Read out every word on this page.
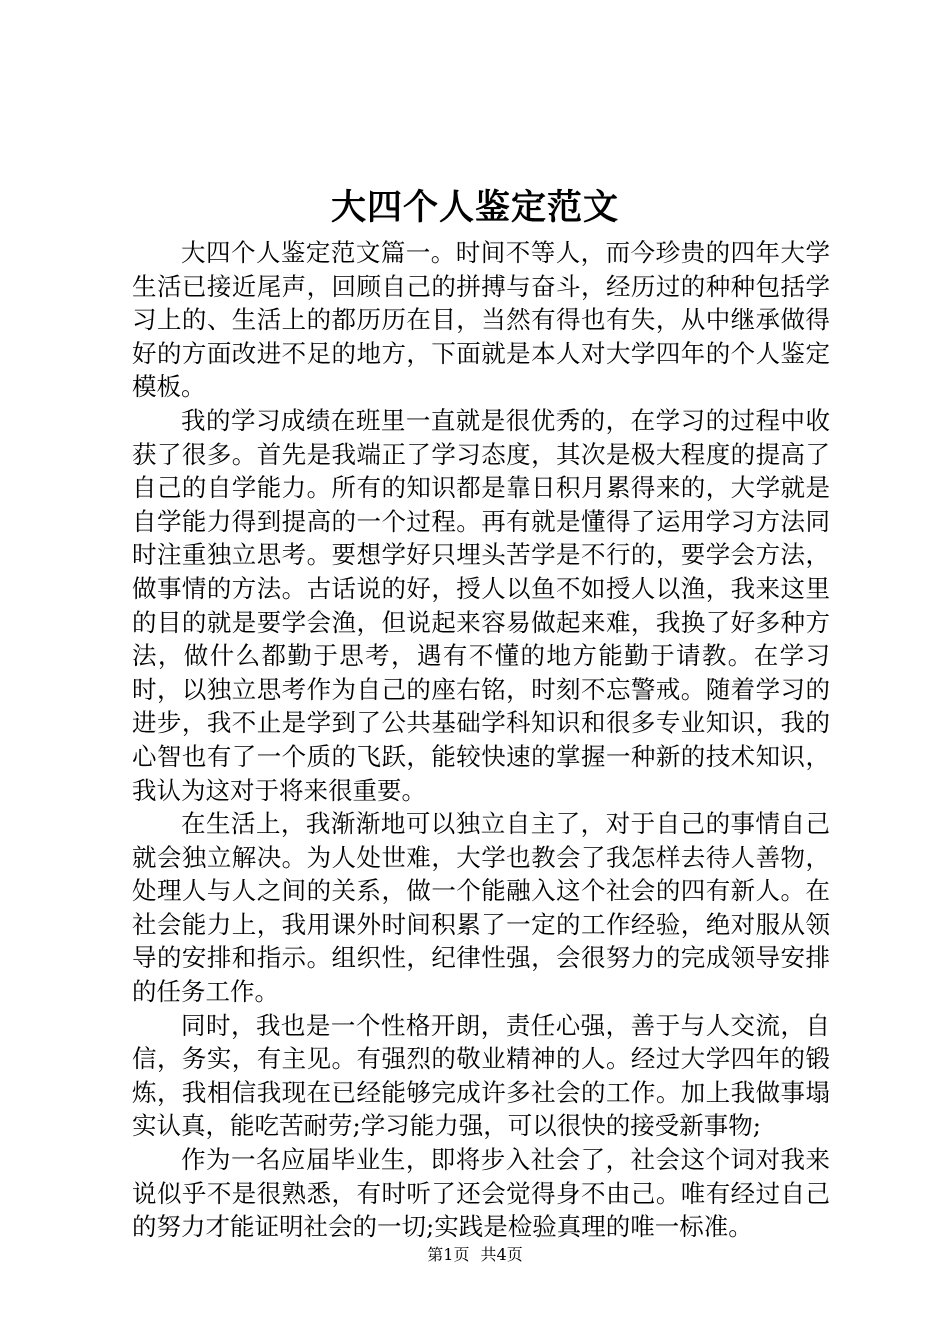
大四个人鉴定范文

大四个人鉴定范文篇一。时间不等人，而今珍贵的四年大学生活已接近尾声，回顾自己的拼搏与奋斗，经历过的种种包括学习上的、生活上的都历历在目，当然有得也有失，从中继承做得好的方面改进不足的地方，下面就是本人对大学四年的个人鉴定模板。

我的学习成绩在班里一直就是很优秀的，在学习的过程中收获了很多。首先是我端正了学习态度，其次是极大程度的提高了自己的自学能力。所有的知识都是靠日积月累得来的，大学就是自学能力得到提高的一个过程。再有就是懂得了运用学习方法同时注重独立思考。要想学好只埋头苦学是不行的，要学会方法，做事情的方法。古话说的好，授人以鱼不如授人以渔，我来这里的目的就是要学会渔，但说起来容易做起来难，我换了好多种方法，做什么都勤于思考，遇有不懂的地方能勤于请教。在学习时，以独立思考作为自己的座右铭，时刻不忘警戒。随着学习的进步，我不止是学到了公共基础学科知识和很多专业知识，我的心智也有了一个质的飞跃，能较快速的掌握一种新的技术知识，我认为这对于将来很重要。

在生活上，我渐渐地可以独立自主了，对于自己的事情自己就会独立解决。为人处世难，大学也教会了我怎样去待人善物，处理人与人之间的关系，做一个能融入这个社会的四有新人。在社会能力上，我用课外时间积累了一定的工作经验，绝对服从领导的安排和指示。组织性，纪律性强，会很努力的完成领导安排的任务工作。

同时，我也是一个性格开朗，责任心强，善于与人交流，自信，务实，有主见。有强烈的敬业精神的人。经过大学四年的锻炼，我相信我现在已经能够完成许多社会的工作。加上我做事塌实认真，能吃苦耐劳;学习能力强，可以很快的接受新事物;

作为一名应届毕业生，即将步入社会了，社会这个词对我来说似乎不是很熟悉，有时听了还会觉得身不由己。唯有经过自己的努力才能证明社会的一切;实践是检验真理的唯一标准。

第1页 共4页
